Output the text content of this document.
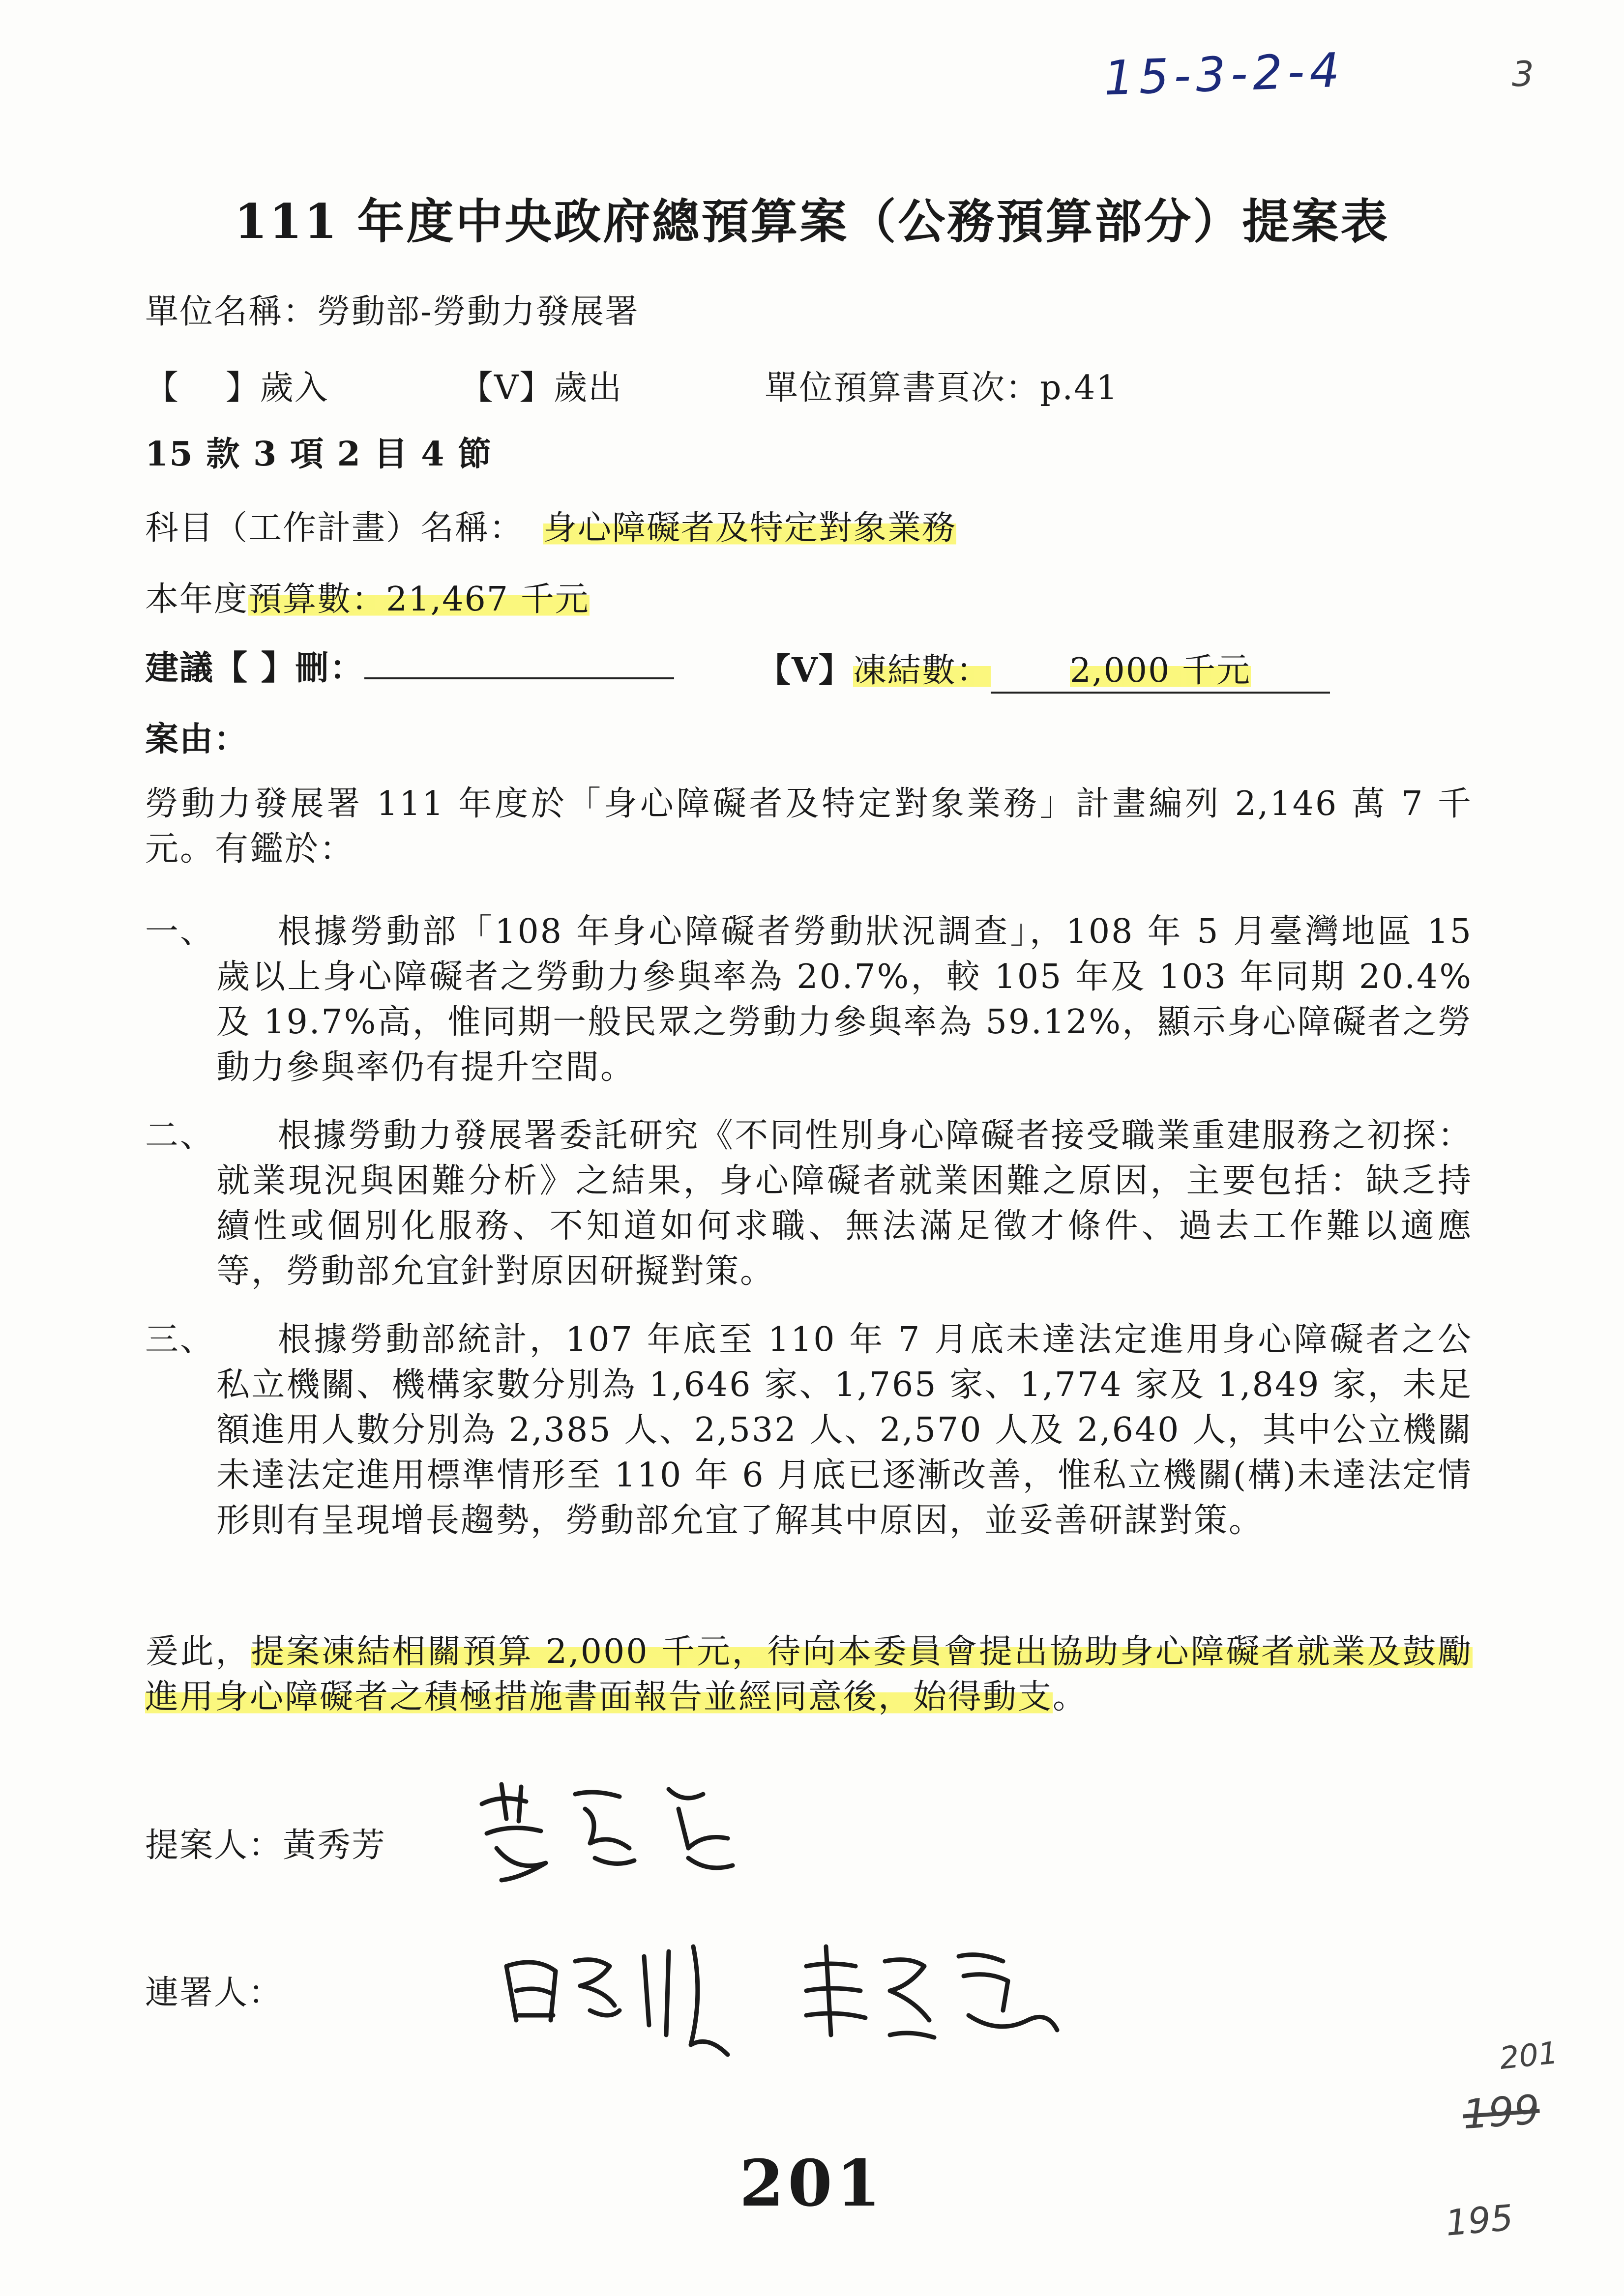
15-3-2-4	3
111 年度中央政府總預算案（公務預算部分）提案表
單位名稱：勞動部-勞動力發展署
【　 】歲入	【V】歲出	單位預算書頁次：p.41
15 款 3 項 2 目 4 節
科目（工作計畫）名稱： 身心障礙者及特定對象業務
本年度預算數：21,467 千元
建議【 】刪：	【V】凍結數： 2,000 千元
案由：
勞動力發展署 111 年度於「身心障礙者及特定對象業務」計畫編列 2,146 萬 7 千元。有鑑於：
一、	根據勞動部「108 年身心障礙者勞動狀況調查」，108 年 5 月臺灣地區 15 歲以上身心障礙者之勞動力參與率為 20.7%，較 105 年及 103 年同期 20.4% 及 19.7%高，惟同期一般民眾之勞動力參與率為 59.12%，顯示身心障礙者之勞動力參與率仍有提升空間。
二、	根據勞動力發展署委託研究《不同性別身心障礙者接受職業重建服務之初探：就業現況與困難分析》之結果，身心障礙者就業困難之原因，主要包括：缺乏持續性或個別化服務、不知道如何求職、無法滿足徵才條件、過去工作難以適應等，勞動部允宜針對原因研擬對策。
三、	根據勞動部統計，107 年底至 110 年 7 月底未達法定進用身心障礙者之公私立機關、機構家數分別為 1,646 家、1,765 家、1,774 家及 1,849 家，未足額進用人數分別為 2,385 人、2,532 人、2,570 人及 2,640 人，其中公立機關未達法定進用標準情形至 110 年 6 月底已逐漸改善，惟私立機關(構)未達法定情形則有呈現增長趨勢，勞動部允宜了解其中原因，並妥善研謀對策。
爰此，提案凍結相關預算 2,000 千元，待向本委員會提出協助身心障礙者就業及鼓勵進用身心障礙者之積極措施書面報告並經同意後，始得動支。
提案人：黃秀芳
連署人：
201
199
195
201
